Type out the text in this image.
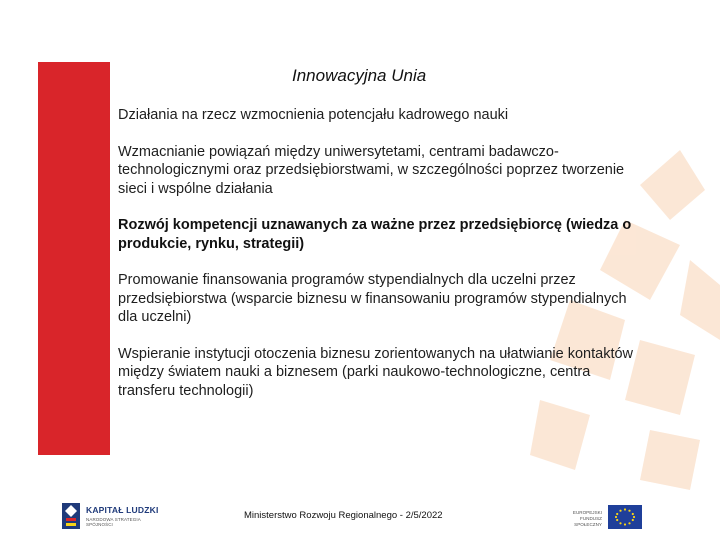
Innowacyjna Unia

Działania na rzecz wzmocnienia potencjału kadrowego nauki

Wzmacnianie powiązań między uniwersytetami, centrami badawczo-technologicznymi oraz przedsiębiorstwami, w szczególności poprzez tworzenie sieci i wspólne działania

Rozwój kompetencji uznawanych za ważne przez przedsiębiorcę (wiedza o produkcie, rynku, strategii)

Promowanie finansowania programów stypendialnych dla uczelni przez przedsiębiorstwa (wsparcie biznesu w finansowaniu programów stypendialnych dla uczelni)

Wspieranie instytucji otoczenia biznesu zorientowanych na ułatwianie kontaktów między światem nauki a biznesem (parki naukowo-technologiczne, centra transferu technologii)

KAPITAŁ LUDZKI
NARODOWA STRATEGIA SPÓJNOŚCI
Ministerstwo Rozwoju Regionalnego - 2/5/2022	EUROPEJSKI
FUNDUSZ SPOŁECZNY
